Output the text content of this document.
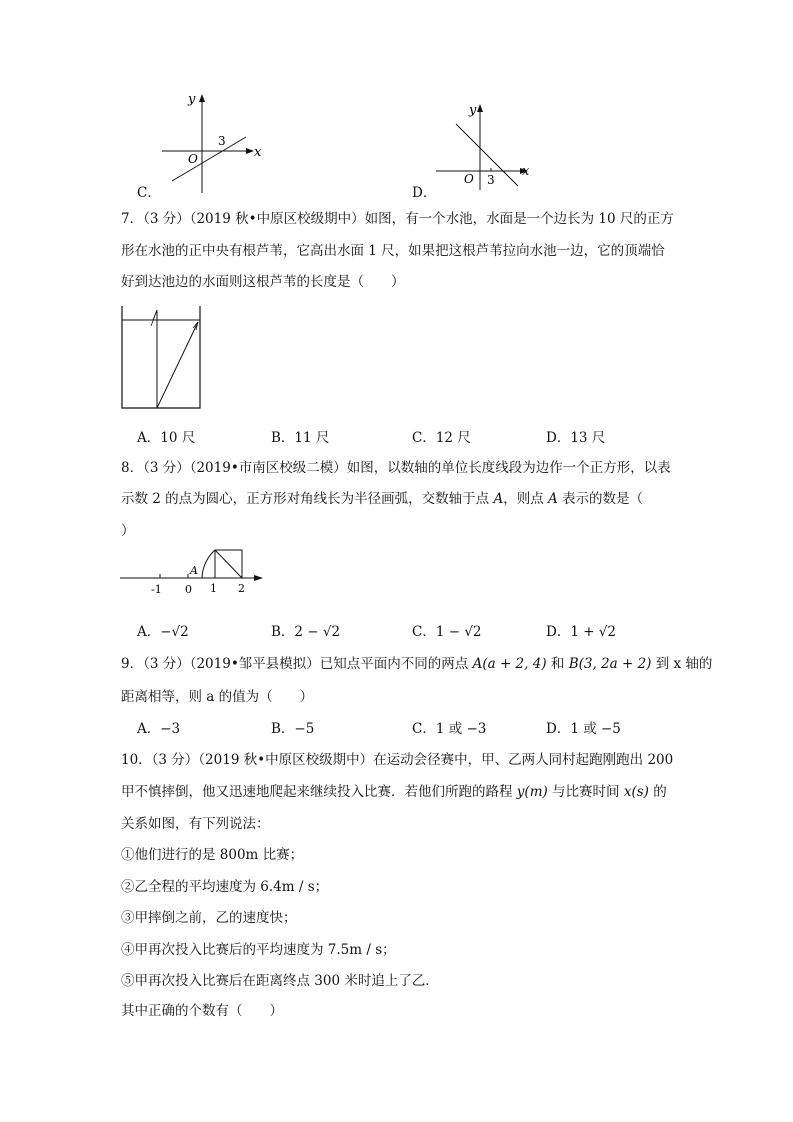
y
x
O
3
C．
y
x
O 3
D．
7．（3 分）（2019 秋•中原区校级期中）如图，有一个水池，水面是一个边长为 10 尺的正方
形在水池的正中央有根芦苇，它高出水面 1 尺，如果把这根芦苇拉向水池一边，它的顶端恰
好到达池边的水面则这根芦苇的长度是（　　）
A．10 尺	B．11 尺	C．12 尺	D．13 尺
8．（3 分）（2019•市南区校级二模）如图，以数轴的单位长度线段为边作一个正方形，以表
示数 2 的点为圆心，正方形对角线长为半径画弧，交数轴于点 A，则点 A 表示的数是（
）
A
-1 0 1 2
A．−√2	B．2 − √2	C．1 − √2	D．1 + √2
9．（3 分）（2019•邹平县模拟）已知点平面内不同的两点 A(a + 2, 4) 和 B(3, 2a + 2) 到 x 轴的
距离相等，则 a 的值为（　　）
A．−3	B．−5	C．1 或 −3	D．1 或 −5
10．（3 分）（2019 秋•中原区校级期中）在运动会径赛中，甲、乙两人同村起跑刚跑出 200
甲不慎摔倒，他又迅速地爬起来继续投入比赛．若他们所跑的路程 y(m) 与比赛时间 x(s) 的
关系如图，有下列说法：
①他们进行的是 800m 比赛；
②乙全程的平均速度为 6.4m / s；
③甲摔倒之前，乙的速度快；
④甲再次投入比赛后的平均速度为 7.5m / s；
⑤甲再次投入比赛后在距离终点 300 米时追上了乙．
其中正确的个数有（　　）
